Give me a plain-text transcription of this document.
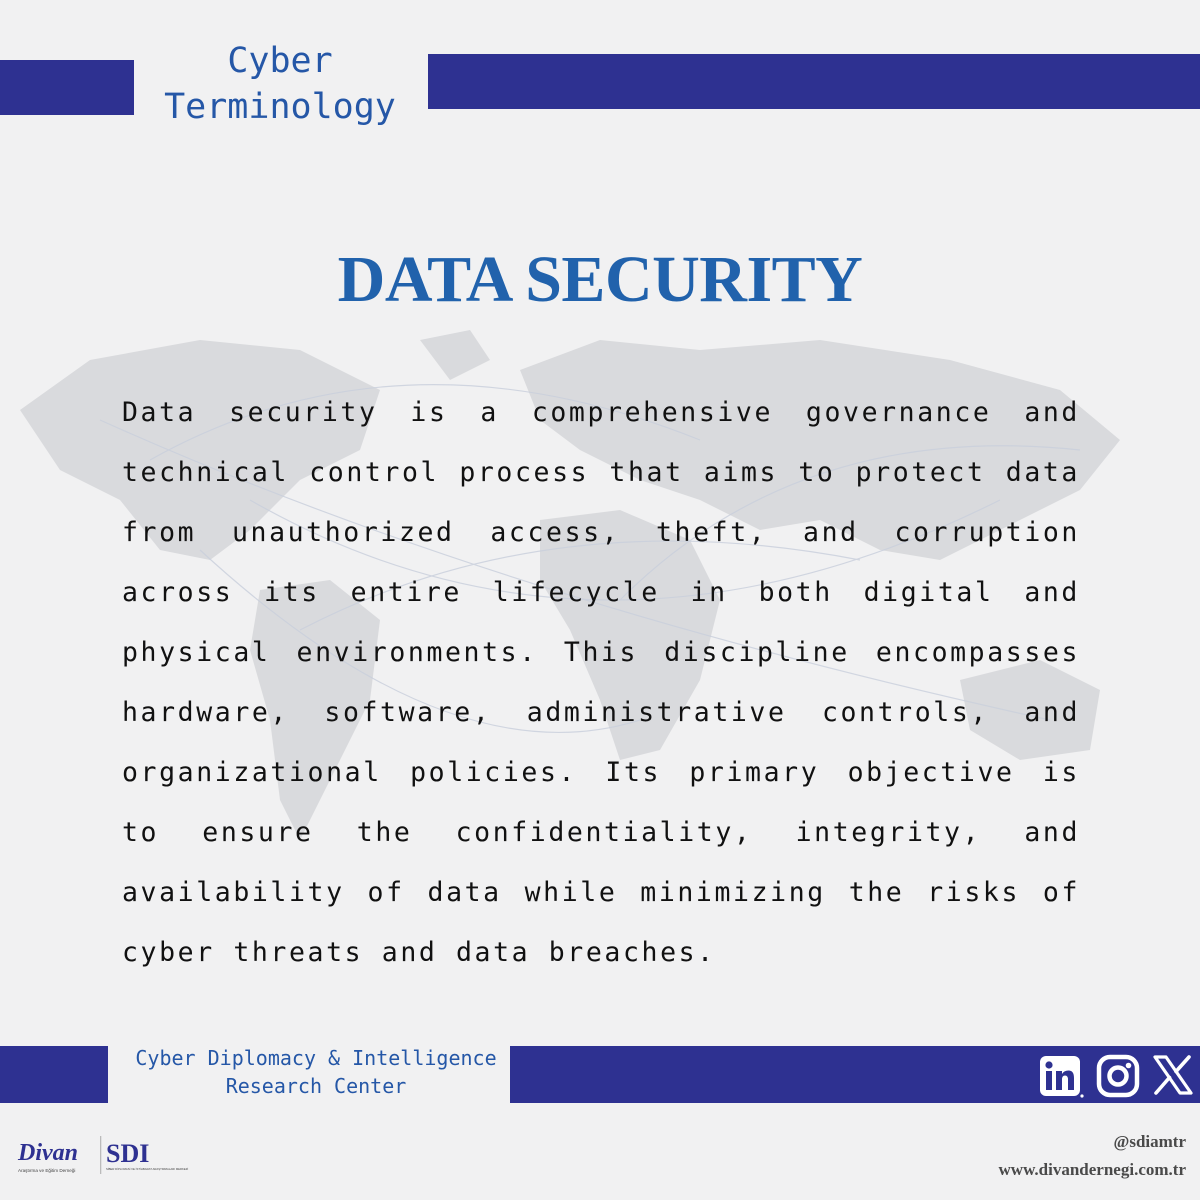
Cyber
Terminology
DATA SECURITY
Data security is a comprehensive governance and technical control process that aims to protect data from unauthorized access, theft, and corruption across its entire lifecycle in both digital and physical environments. This discipline encompasses hardware, software, administrative controls, and organizational policies. Its primary objective is to ensure the confidentiality, integrity, and availability of data while minimizing the risks of cyber threats and data breaches.
Cyber Diplomacy & Intelligence
Research Center
Divan
Araştırma ve Eğitim Derneği
SDI
SİBER DİPLOMASİ VE İSTİHBARAT ARAŞTIRMALARI MERKEZİ
@sdiamtr
www.divandernegi.com.tr
